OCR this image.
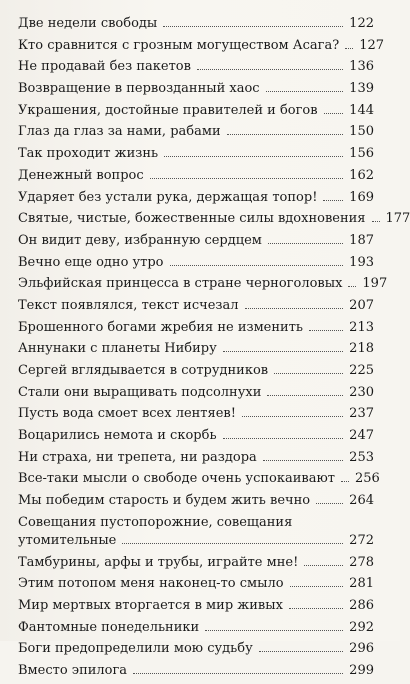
Две недели свободы	122
Кто сравнится с грозным могуществом Асага? 127
Не продавай без пакетов	136
Возвращение в первозданный хаос	139
Украшения, достойные правителей и богов 144
Глаз да глаз за нами, рабами	150
Так проходит жизнь	156
Денежный вопрос	162
Ударяет без устали рука, держащая топор! 169
Святые, чистые, божественные силы вдохновения 177
Он видит деву, избранную сердцем	187
Вечно еще одно утро	193
Эльфийская принцесса в стране черноголовых 197
Текст появлялся, текст исчезал	207
Брошенного богами жребия не изменить	213
Аннунаки с планеты Нибиру	218
Сергей вглядывается в сотрудников	225
Стали они выращивать подсолнухи	230
Пусть вода смоет всех лентяев!	237
Воцарились немота и скорбь	247
Ни страха, ни трепета, ни раздора	253
Все-таки мысли о свободе очень успокаивают 256
Мы победим старость и будем жить вечно	264
Совещания пустопорожние, совещания
утомительные	272
Тамбурины, арфы и трубы, играйте мне!	278
Этим потопом меня наконец-то смыло	281
Мир мертвых вторгается в мир живых	286
Фантомные понедельники	292
Боги предопределили мою судьбу	296
Вместо эпилога	299
